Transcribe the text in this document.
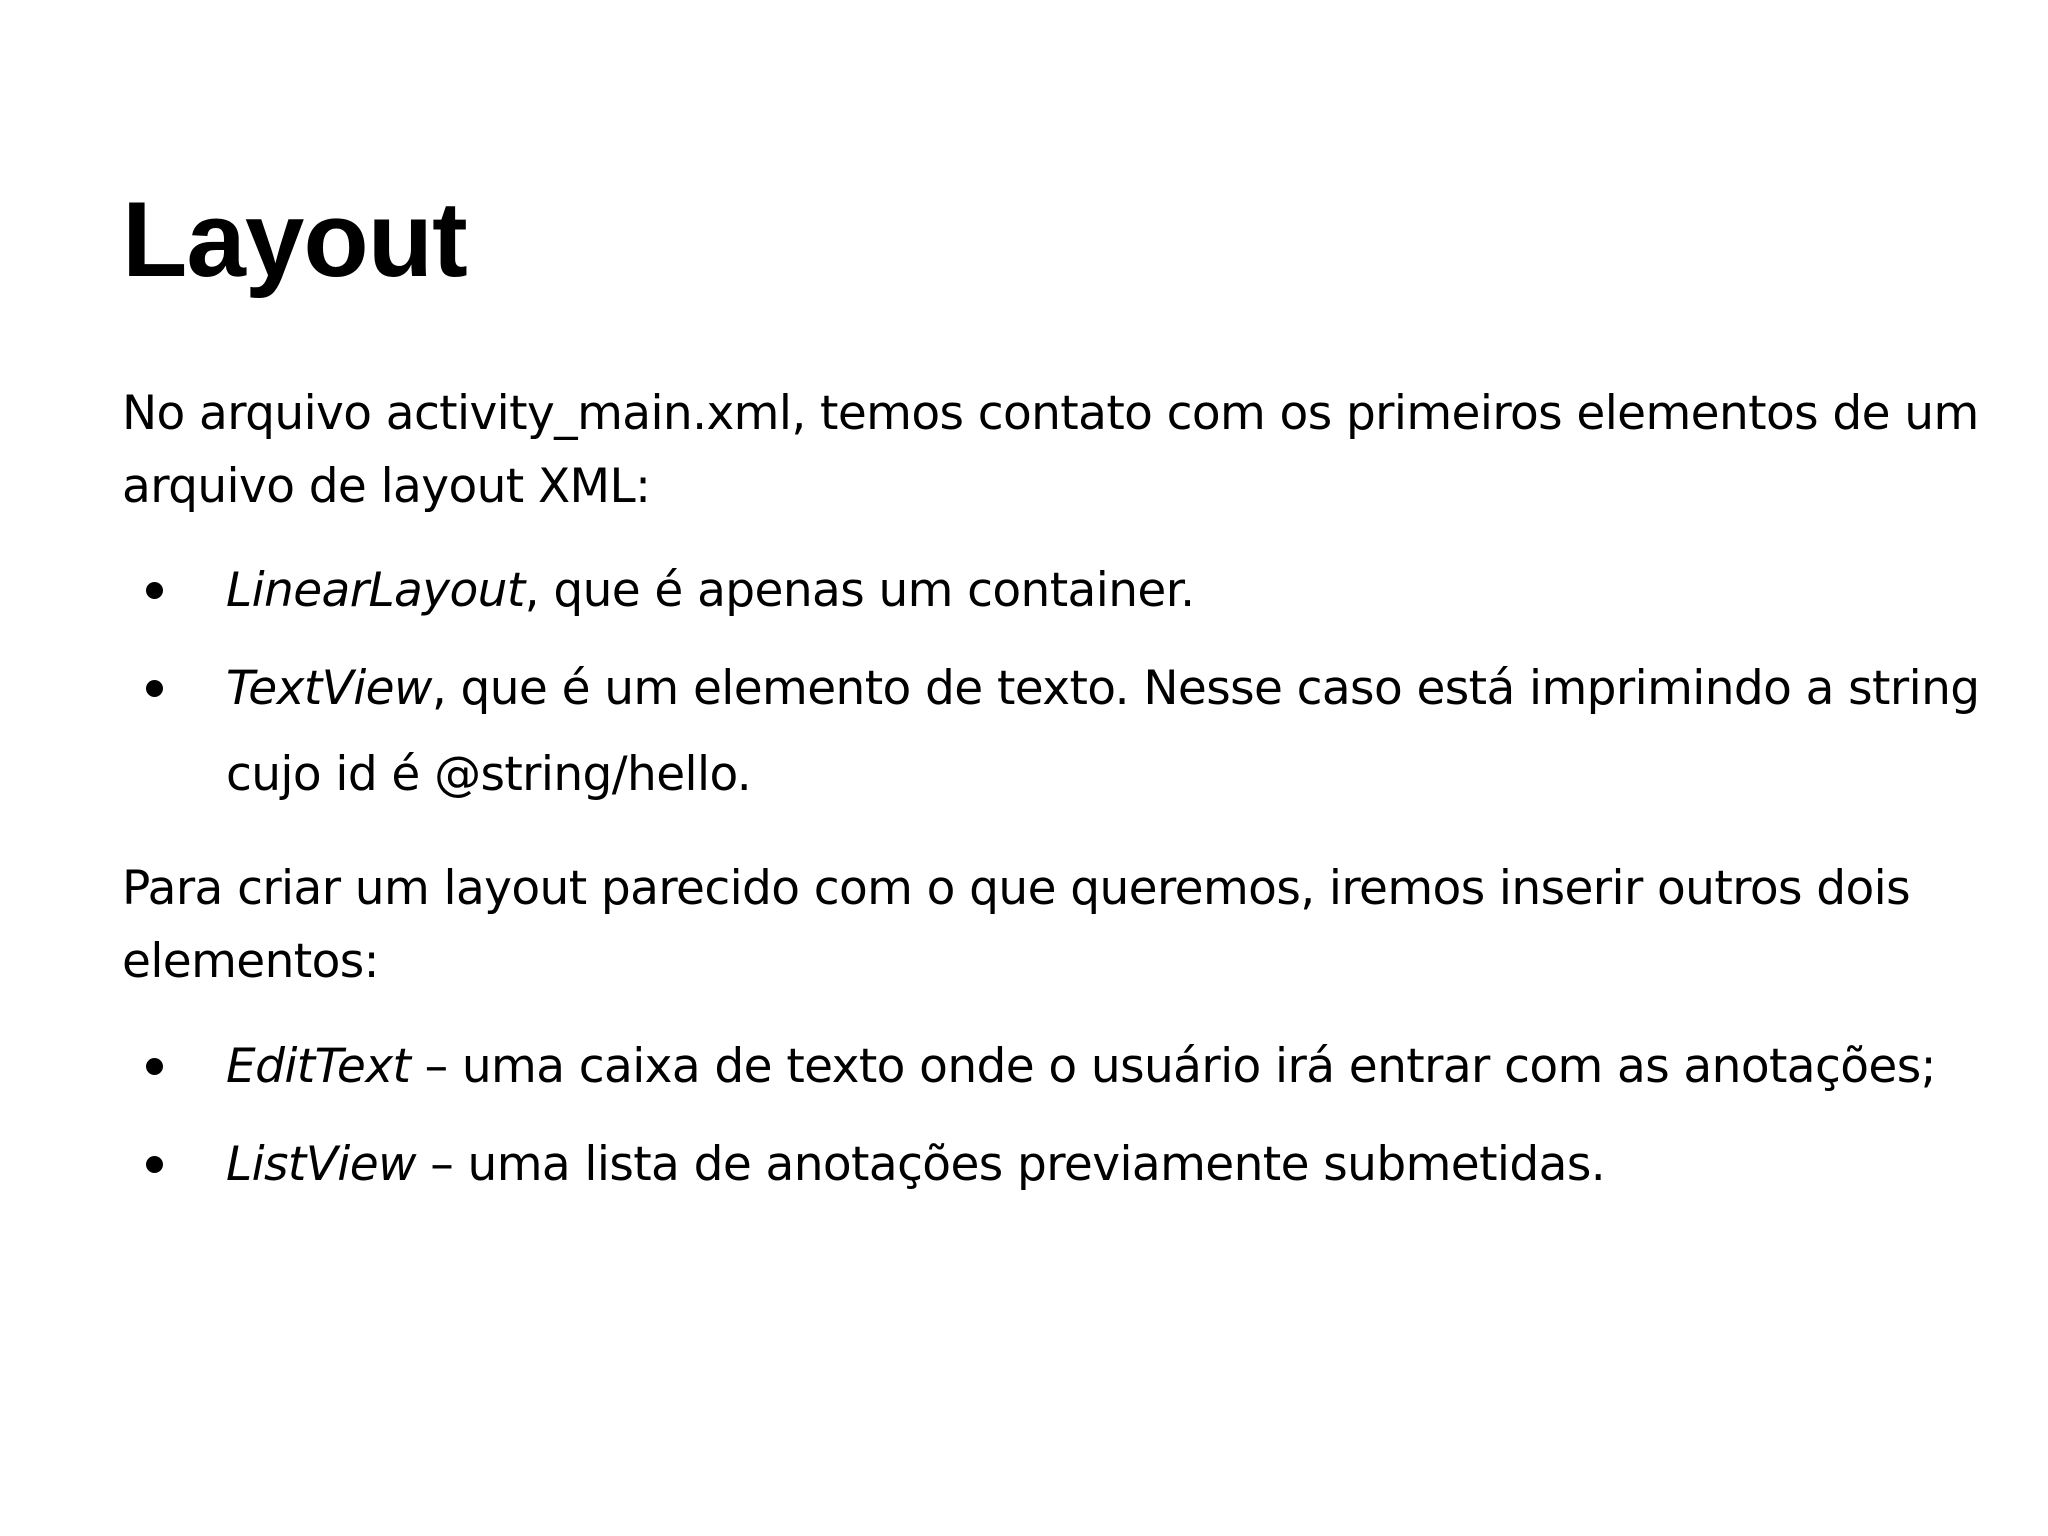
Layout

No arquivo activity_main.xml, temos contato com os primeiros elementos de um arquivo de layout XML:

LinearLayout, que é apenas um container.
TextView, que é um elemento de texto. Nesse caso está imprimindo a string cujo id é @string/hello.

Para criar um layout parecido com o que queremos, iremos inserir outros dois elementos:

EditText – uma caixa de texto onde o usuário irá entrar com as anotações;
ListView – uma lista de anotações previamente submetidas.
